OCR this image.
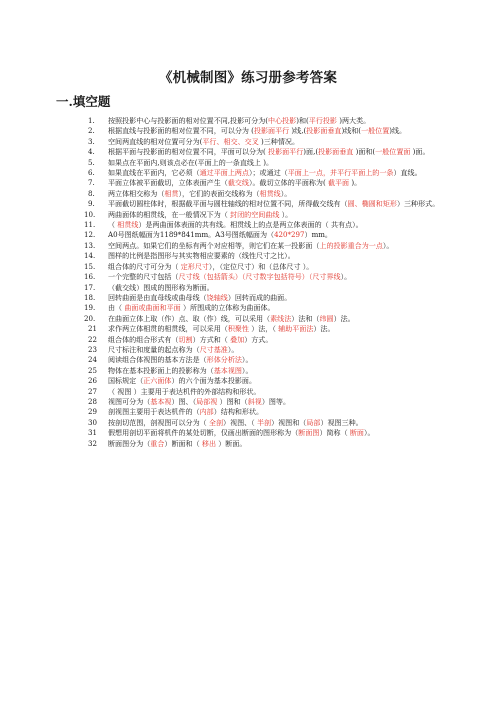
《机械制图》练习册参考答案
一.填空题
1. 按照投影中心与投影面的相对位置不同,投影可分为(中心投影)和(平行投影 )两大类。
2. 根据直线与投影面的相对位置不同，可以分为 (投影面平行 )线,(投影面垂直)线和(一般位置)线。
3. 空间两直线的相对位置可分为(平行、相交、交叉 )三种情况。
4. 根据平面与投影面的相对位置不同，平面可以分为( 投影面平行)面,(投影面垂直 )面和(一般位置面 )面。
5. 如果点在平面内,则该点必在(平面上的一条直线上 )。
6. 如果直线在平面内，它必须（通过平面上两点）；或通过（平面上一点，并平行平面上的一条）直线。
7. 平面立体被平面截切，立体表面产生（截交线）。截切立体的平面称为( 截平面 )。
8. 两立体相交称为（相贯），它们的表面交线称为（相贯线）。
9. 平面截切圆柱体时，根据截平面与圆柱轴线的相对位置不同，所得截交线有（圆、椭圆和矩形）三种形式。
10. 两曲面体的相贯线，在一般情况下为（ 封闭的空间曲线 ）。
11. （ 相贯线）是两曲面体表面的共有线。相贯线上的点是两立体表面的（ 共有点）。
12. A0号图纸幅面为1189*841mm。A3号图纸幅面为（420*297）mm。
13. 空间两点。如果它们的坐标有两个对应相等，则它们在某一投影面（上的投影重合为一点）。
14. 图样的比例是指图形与其实物相应要素的（线性尺寸之比）。
15. 组合体的尺寸可分为（ 定形尺寸），（定位尺寸）和（总体尺寸 ）。
16. 一个完整的尺寸包括（尺寸线（包括箭头）（尺寸数字包括符号）（尺寸界线）。
17. （截交线）围成的图形称为断面。
18. 回转曲面是由直母线或曲母线（饶轴线）回转而成的曲面。
19. 由（ 曲面或曲面和平面 ）所围成的立体称为曲面体。
20. 在曲面立体上取（作）点、取（作）线，可以采用（素线法）法和（纬圆）法。
21 求作两立体相贯的相贯线，可以采用（积聚性 ）法，（ 辅助平面法）法。
22 组合体的组合形式有（切割）方式和（ 叠加）方式。
23 尺寸标注和度量的起点称为（尺寸基准）。
24 阅读组合体视图的基本方法是（形体分析法）。
25 物体在基本投影面上的投影称为（基本视图）。
26 国标规定（正六面体）的六个面为基本投影面。
27 （ 视图 ）主要用于表达机件的外部结构和形状。
28 视图可分为（基本视）图、（局部视 ）图和（斜视）图等。
29 剖视图主要用于表达机件的（内部）结构和形状。
30 按剖切范围，剖视图可以分为（ 全剖）视图、（ 半剖）视图和（局部）视图三种。
31 假想用剖切平面将机件的某处切断，仅画出断面的图形称为（断面图）简称（ 断面）。
32 断面图分为（重合）断面和（ 移出 ）断面。
